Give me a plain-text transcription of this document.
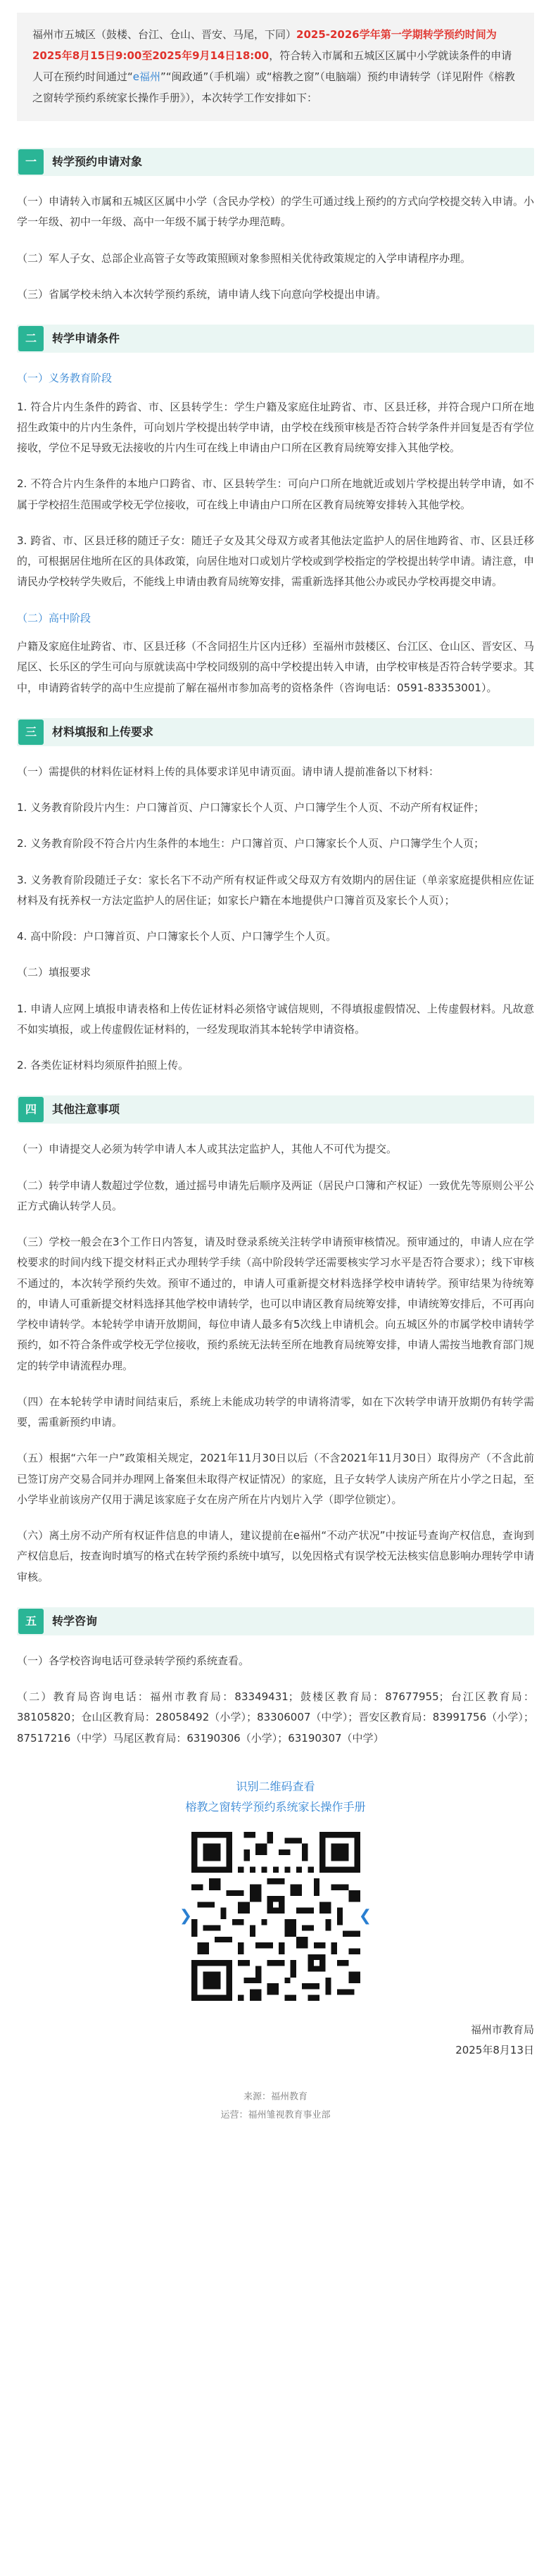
福州市五城区（鼓楼、台江、仓山、晋安、马尾，下同）2025-2026学年第一学期转学预约时间为2025年8月15日9:00至2025年9月14日18:00，符合转入市属和五城区区属中小学就读条件的申请人可在预约时间通过“e福州”“闽政通”（手机端）或“榕教之窗”（电脑端）预约申请转学（详见附件《榕教之窗转学预约系统家长操作手册》），本次转学工作安排如下：
一	转学预约申请对象

（一）申请转入市属和五城区区属中小学（含民办学校）的学生可通过线上预约的方式向学校提交转入申请。小学一年级、初中一年级、高中一年级不属于转学办理范畴。

（二）军人子女、总部企业高管子女等政策照顾对象参照相关优待政策规定的入学申请程序办理。

（三）省属学校未纳入本次转学预约系统，请申请人线下向意向学校提出申请。

二	转学申请条件
（一）义务教育阶段

1. 符合片内生条件的跨省、市、区县转学生：学生户籍及家庭住址跨省、市、区县迁移，并符合现户口所在地招生政策中的片内生条件，可向划片学校提出转学申请，由学校在线预审核是否符合转学条件并回复是否有学位接收，学位不足导致无法接收的片内生可在线上申请由户口所在区教育局统筹安排入其他学校。

2. 不符合片内生条件的本地户口跨省、市、区县转学生：可向户口所在地就近或划片学校提出转学申请，如不属于学校招生范围或学校无学位接收，可在线上申请由户口所在区教育局统筹安排转入其他学校。

3. 跨省、市、区县迁移的随迁子女：随迁子女及其父母双方或者其他法定监护人的居住地跨省、市、区县迁移的，可根据居住地所在区的具体政策，向居住地对口或划片学校或到学校指定的学校提出转学申请。请注意，申请民办学校转学失败后，不能线上申请由教育局统筹安排，需重新选择其他公办或民办学校再提交申请。

（二）高中阶段

户籍及家庭住址跨省、市、区县迁移（不含同招生片区内迁移）至福州市鼓楼区、台江区、仓山区、晋安区、马尾区、长乐区的学生可向与原就读高中学校同级别的高中学校提出转入申请，由学校审核是否符合转学要求。其中，申请跨省转学的高中生应提前了解在福州市参加高考的资格条件（咨询电话：0591-83353001）。

三	材料填报和上传要求

（一）需提供的材料佐证材料上传的具体要求详见申请页面。请申请人提前准备以下材料：

1. 义务教育阶段片内生：户口簿首页、户口簿家长个人页、户口簿学生个人页、不动产所有权证件；

2. 义务教育阶段不符合片内生条件的本地生：户口簿首页、户口簿家长个人页、户口簿学生个人页；

3. 义务教育阶段随迁子女：家长名下不动产所有权证件或父母双方有效期内的居住证（单亲家庭提供相应佐证材料及有抚养权一方法定监护人的居住证；如家长户籍在本地提供户口簿首页及家长个人页）；

4. 高中阶段：户口簿首页、户口簿家长个人页、户口簿学生个人页。

（二）填报要求

1. 申请人应网上填报申请表格和上传佐证材料必须恪守诚信规则，不得填报虚假情况、上传虚假材料。凡故意不如实填报，或上传虚假佐证材料的，一经发现取消其本轮转学申请资格。

2. 各类佐证材料均须原件拍照上传。

四	其他注意事项

（一）申请提交人必须为转学申请人本人或其法定监护人，其他人不可代为提交。

（二）转学申请人数超过学位数，通过摇号申请先后顺序及两证（居民户口簿和产权证）一致优先等原则公平公正方式确认转学人员。

（三）学校一般会在3个工作日内答复，请及时登录系统关注转学申请预审核情况。预审通过的，申请人应在学校要求的时间内线下提交材料正式办理转学手续（高中阶段转学还需要核实学习水平是否符合要求）；线下审核不通过的，本次转学预约失效。预审不通过的，申请人可重新提交材料选择学校申请转学。预审结果为待统筹的，申请人可重新提交材料选择其他学校申请转学，也可以申请区教育局统筹安排，申请统筹安排后，不可再向学校申请转学。本轮转学申请开放期间，每位申请人最多有5次线上申请机会。向五城区外的市属学校申请转学预约，如不符合条件或学校无学位接收，预约系统无法转至所在地教育局统筹安排，申请人需按当地教育部门规定的转学申请流程办理。

（四）在本轮转学申请时间结束后，系统上未能成功转学的申请将清零，如在下次转学申请开放期仍有转学需要，需重新预约申请。

（五）根据“六年一户”政策相关规定，2021年11月30日以后（不含2021年11月30日）取得房产（不含此前已签订房产交易合同并办理网上备案但未取得产权证情况）的家庭，且子女转学人读房产所在片小学之日起，至小学毕业前该房产仅用于满足该家庭子女在房产所在片内划片入学（即学位锁定）。

（六）离土房不动产所有权证件信息的申请人，建议提前在e福州“不动产状况”中按证号查询产权信息，查询到产权信息后，按查询时填写的格式在转学预约系统中填写，以免因格式有误学校无法核实信息影响办理转学申请审核。

五	转学咨询

（一）各学校咨询电话可登录转学预约系统查看。

（二）教育局咨询电话：福州市教育局：83349431；鼓楼区教育局：87677955；台江区教育局：38105820；仓山区教育局：28058492（小学）；83306007（中学）；晋安区教育局：83991756（小学）；87517216（中学）马尾区教育局：63190306（小学）；63190307（中学）

识别二维码查看
榕教之窗转学预约系统家长操作手册
❯	❮
福州市教育局
2025年8月13日
来源：福州教育
运营：福州雏视教育事业部
